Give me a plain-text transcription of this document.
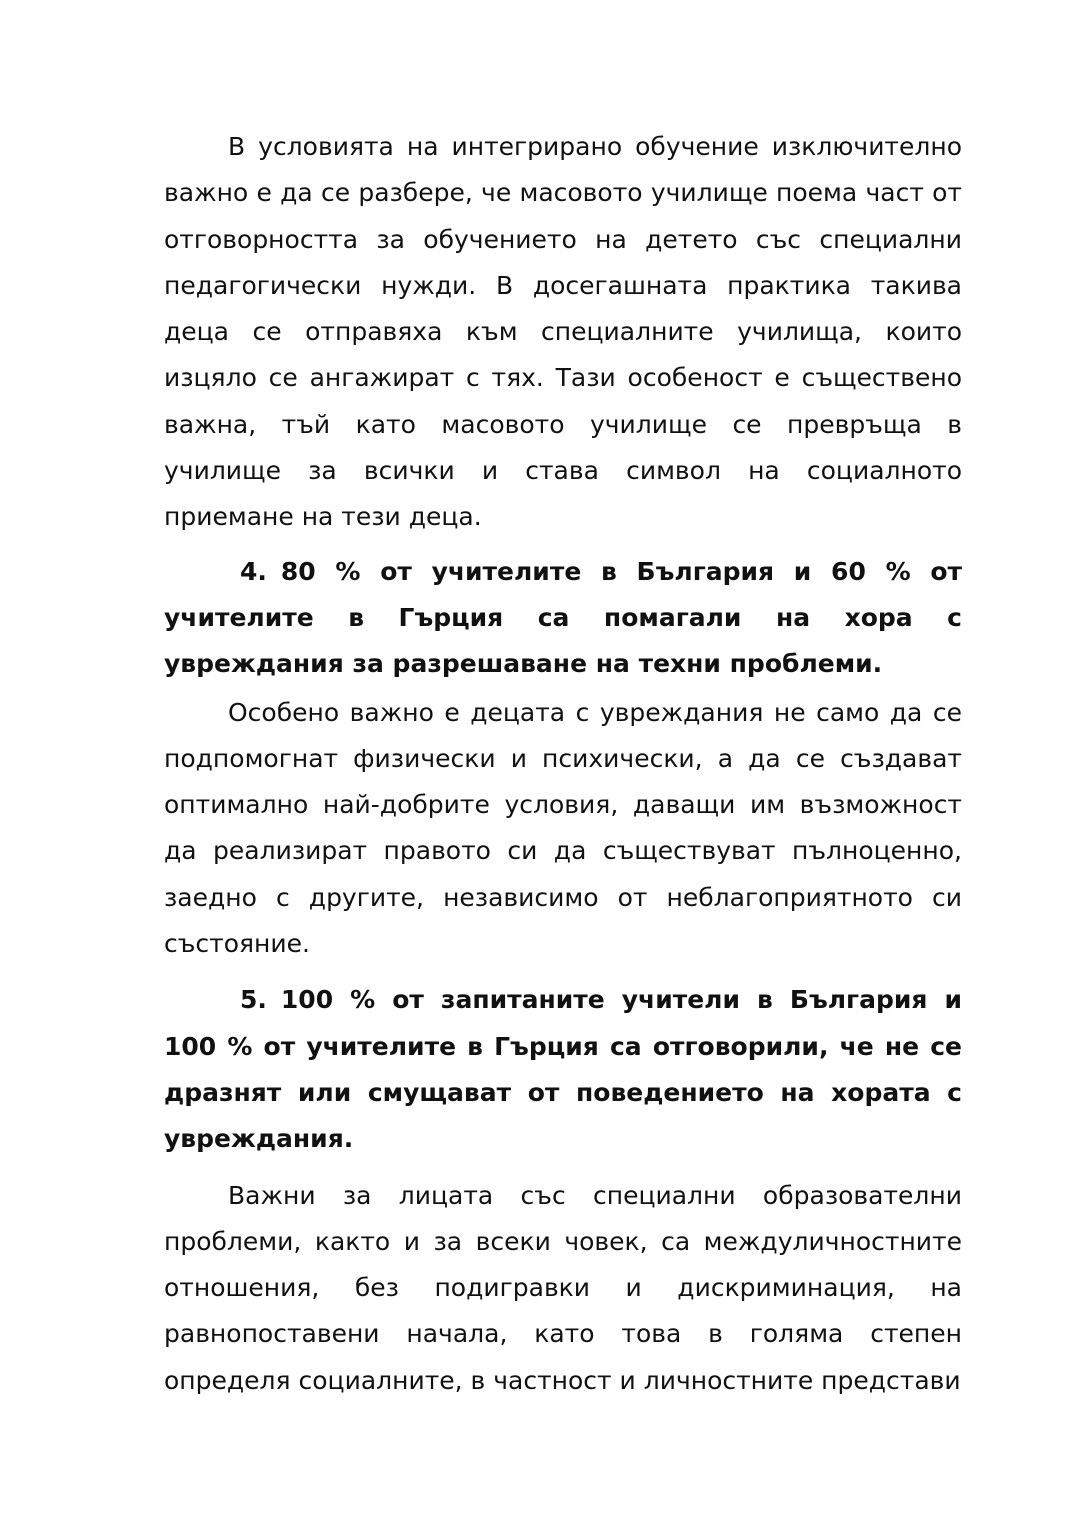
В условията на интегрирано обучение изключително важно е да се разбере, че масовото училище поема част от отговорността за обучението на детето със специални педагогически нужди. В досегашната практика такива деца се отправяха към специалните училища, които изцяло се ангажират с тях. Тази особеност е съществено важна, тъй като масовото училище се превръща в училище за всички и става символ на социалното приемане на тези деца.

4. 80 % от учителите в България и 60 % от учителите в Гърция са помагали на хора с увреждания за разрешаване на техни проблеми.

Особено важно е децата с увреждания не само да се подпомогнат физически и психически, а да се създават оптимално най-добрите условия, даващи им възможност да реализират правото си да съществуват пълноценно, заедно с другите, независимо от неблагоприятното си състояние.

5. 100 % от запитаните учители в България и 100 % от учителите в Гърция са отговорили, че не се дразнят или смущават от поведението на хората с увреждания.

Важни за лицата със специални образователни проблеми, както и за всеки човек, са междуличностните отношения, без подигравки и дискриминация, на равнопоставени начала, като това в голяма степен определя социалните, в частност и личностните представи
